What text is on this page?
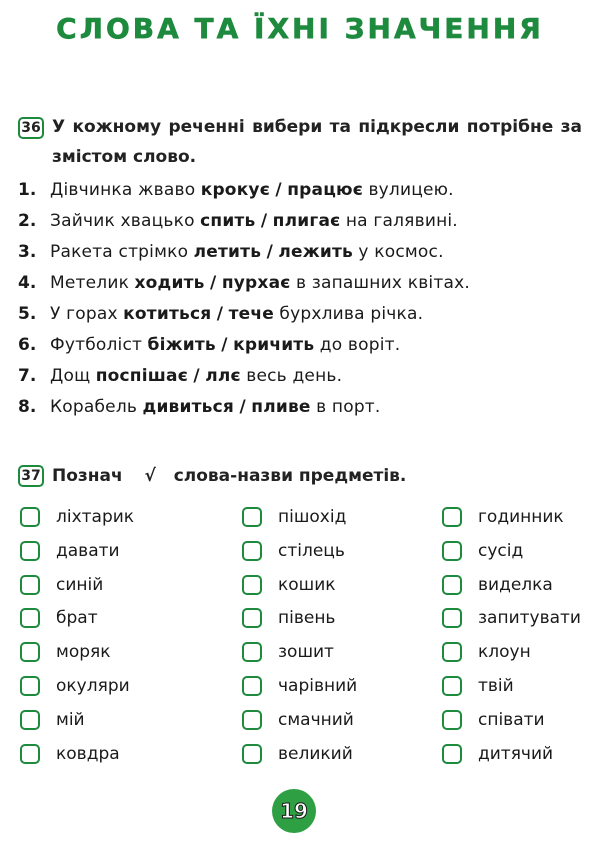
СЛОВА ТА ЇХНІ ЗНАЧЕННЯ
36 У кожному реченні вибери та підкресли потрібне за змістом слово.
1. Дівчинка жваво крокує / працює вулицею.
2. Зайчик хвацько спить / плигає на галявині.
3. Ракета стрімко летить / лежить у космос.
4. Метелик ходить / пурхає в запашних квітах.
5. У горах котиться / тече бурхлива річка.
6. Футболіст біжить / кричить до воріт.
7. Дощ поспішає / ллє весь день.
8. Корабель дивиться / пливе в порт.
37 Познач √ слова-назви предметів.
ліхтарик
давати
синій
брат
моряк
окуляри
мій
ковдра
пішохід
стілець
кошик
півень
зошит
чарівний
смачний
великий
годинник
сусід
виделка
запитувати
клоун
твій
співати
дитячий
19
